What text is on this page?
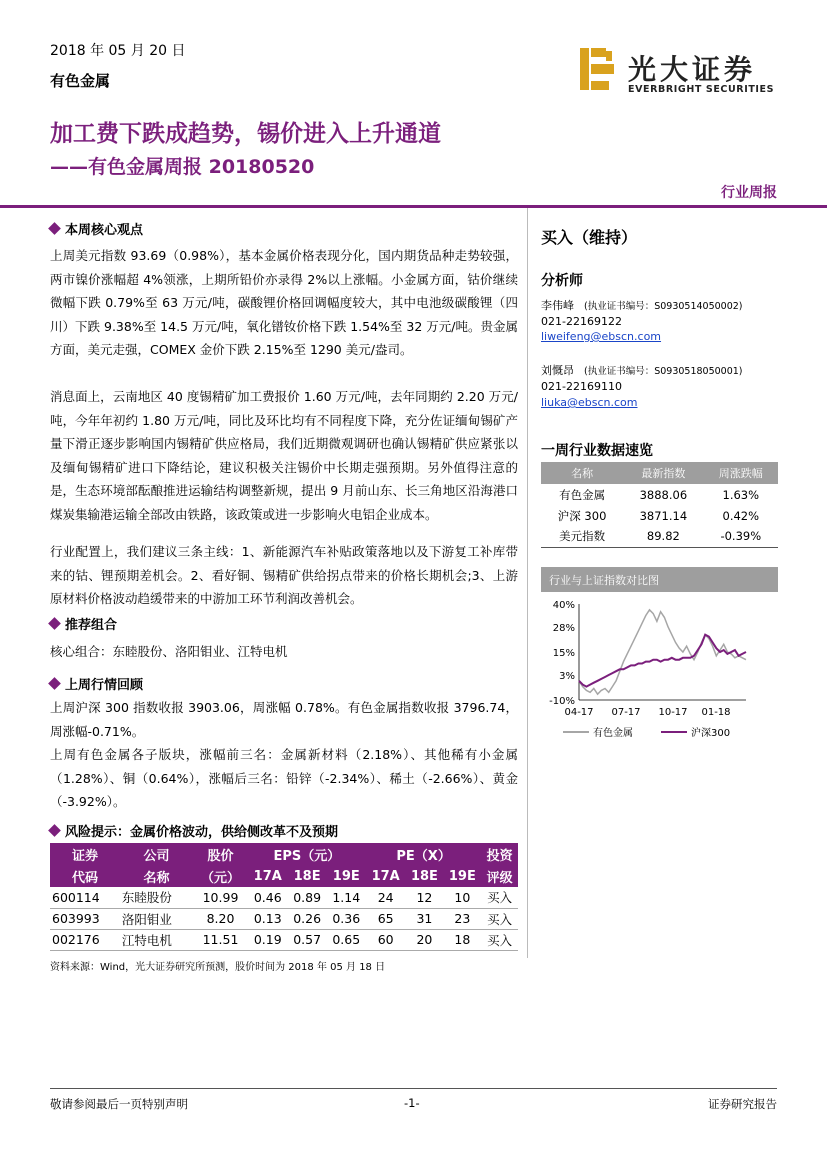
2018 年 05 月 20 日
有色金属	光大证券
EVERBRIGHT SECURITIES
加工费下跌成趋势，锡价进入上升通道
——有色金属周报 20180520
行业周报
本周核心观点
上周美元指数 93.69（0.98%），基本金属价格表现分化，国内期货品种走势较强，两市镍价涨幅超 4%领涨，上期所铅价亦录得 2%以上涨幅。小金属方面，钴价继续微幅下跌 0.79%至 63 万元/吨，碳酸锂价格回调幅度较大，其中电池级碳酸锂（四川）下跌 9.38%至 14.5 万元/吨，氧化镨钕价格下跌 1.54%至 32 万元/吨。贵金属方面，美元走强，COMEX 金价下跌 2.15%至 1290 美元/盎司。
消息面上，云南地区 40 度锡精矿加工费报价 1.60 万元/吨，去年同期约 2.20 万元/吨，今年年初约 1.80 万元/吨，同比及环比均有不同程度下降，充分佐证缅甸锡矿产量下滑正逐步影响国内锡精矿供应格局，我们近期微观调研也确认锡精矿供应紧张以及缅甸锡精矿进口下降结论，建议积极关注锡价中长期走强预期。另外值得注意的是，生态环境部酝酿推进运输结构调整新规，提出 9 月前山东、长三角地区沿海港口煤炭集输港运输全部改由铁路，该政策或进一步影响火电铝企业成本。
行业配置上，我们建议三条主线：1、新能源汽车补贴政策落地以及下游复工补库带来的钴、锂预期差机会。2、看好铜、锡精矿供给拐点带来的价格长期机会;3、上游原材料价格波动趋缓带来的中游加工环节利润改善机会。
推荐组合
核心组合：东睦股份、洛阳钼业、江特电机
上周行情回顾
上周沪深 300 指数收报 3903.06，周涨幅 0.78%。有色金属指数收报 3796.74，周涨幅-0.71%。
上周有色金属各子版块，涨幅前三名：金属新材料（2.18%）、其他稀有小金属（1.28%）、铜（0.64%），涨幅后三名：铅锌（-2.34%）、稀土（-2.66%）、黄金（-3.92%）。
风险提示：金属价格波动，供给侧改革不及预期
证券	公司	股价	EPS（元）			PE（X）			投资
代码	名称	（元）	17A	18E	19E	17A	18E	19E	评级
600114	东睦股份	10.99	0.46	0.89	1.14	24	12	10	买入
603993	洛阳钼业	8.20	0.13	0.26	0.36	65	31	23	买入
002176	江特电机	11.51	0.19	0.57	0.65	60	20	18	买入
资料来源：Wind，光大证券研究所预测，股价时间为 2018 年 05 月 18 日
买入（维持）
分析师
李伟峰 (执业证书编号：S0930514050002)
021-22169122
liweifeng@ebscn.com
刘慨昂 (执业证书编号：S0930518050001)
021-22169110
liuka@ebscn.com
一周行业数据速览
名称	最新指数	周涨跌幅
有色金属	3888.06	1.63%
沪深 300	3871.14	0.42%
美元指数	89.82	-0.39%
行业与上证指数对比图
40%
28%
15%
3%
-10%
04-17 07-17 10-17 01-18
有色金属	沪深300
敬请参阅最后一页特别声明	-1-	证券研究报告
